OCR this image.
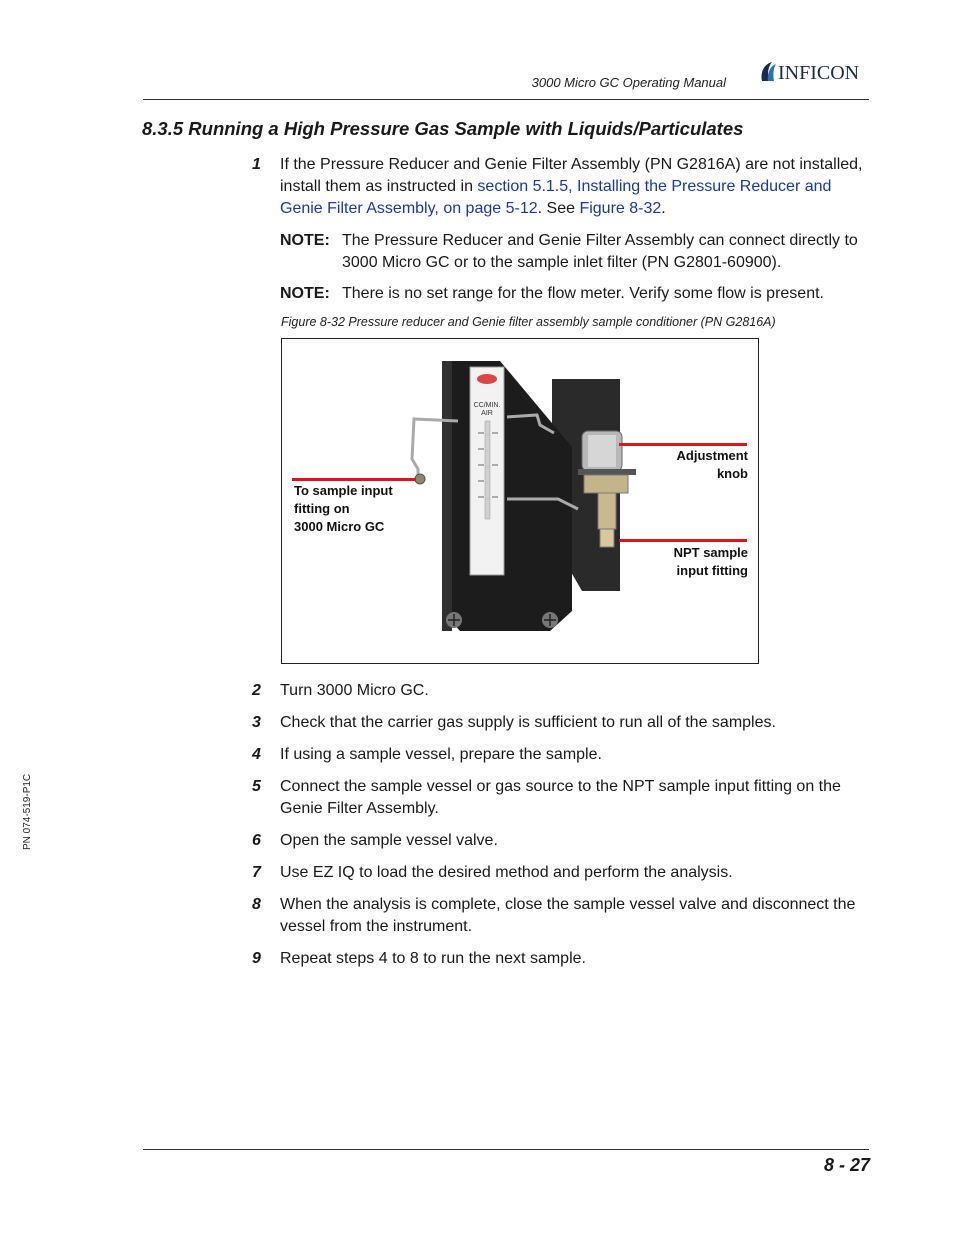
3000 Micro GC Operating Manual	INFICON
8.3.5 Running a High Pressure Gas Sample with Liquids/Particulates
1	If the Pressure Reducer and Genie Filter Assembly (PN G2816A) are not installed, install them as instructed in section 5.1.5, Installing the Pressure Reducer and Genie Filter Assembly, on page 5-12. See Figure 8-32.
NOTE: The Pressure Reducer and Genie Filter Assembly can connect directly to 3000 Micro GC or to the sample inlet filter (PN G2801-60900).
NOTE: There is no set range for the flow meter. Verify some flow is present.
Figure 8-32 Pressure reducer and Genie filter assembly sample conditioner (PN G2816A)
CC/MIN.
AIR
To sample input
fitting on
3000 Micro GC
Adjustment
knob
NPT sample
input fitting
2	Turn 3000 Micro GC.
3	Check that the carrier gas supply is sufficient to run all of the samples.
4	If using a sample vessel, prepare the sample.
5	Connect the sample vessel or gas source to the NPT sample input fitting on the Genie Filter Assembly.
6	Open the sample vessel valve.
7	Use EZ IQ to load the desired method and perform the analysis.
8	When the analysis is complete, close the sample vessel valve and disconnect the vessel from the instrument.
9	Repeat steps 4 to 8 to run the next sample.
PN 074-519-P1C
8 - 27
